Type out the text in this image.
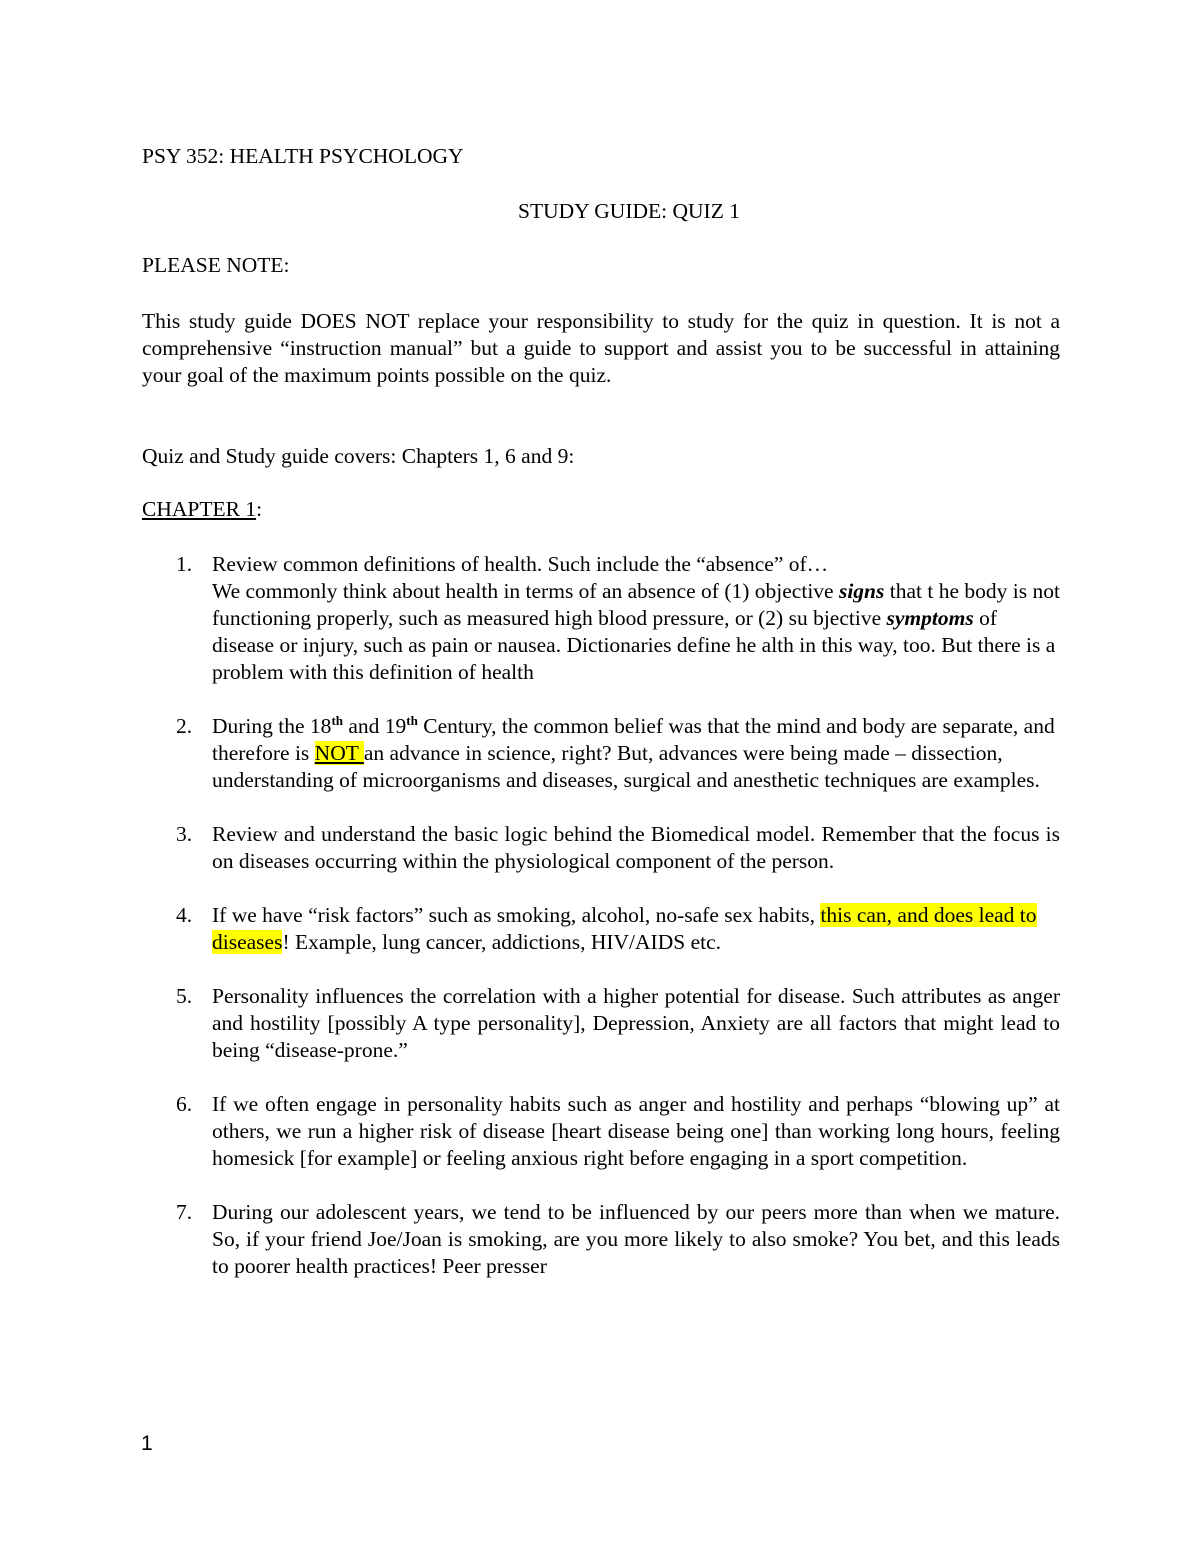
PSY 352: HEALTH PSYCHOLOGY

STUDY GUIDE: QUIZ 1

PLEASE NOTE:

This study guide DOES NOT replace your responsibility to study for the quiz in question. It is not a comprehensive “instruction manual” but a guide to support and assist you to be successful in attaining your goal of the maximum points possible on the quiz.

Quiz and Study guide covers: Chapters 1, 6 and 9:

CHAPTER 1:

1. Review common definitions of health. Such include the “absence” of…
We commonly think about health in terms of an absence of (1) objective signs that t he body is not functioning properly, such as measured high blood pressure, or (2) su bjective symptoms of disease or injury, such as pain or nausea. Dictionaries define he alth in this way, too. But there is a problem with this definition of health
2. During the 18th and 19th Century, the common belief was that the mind and body are separate, and therefore is NOT an advance in science, right? But, advances were being made – dissection, understanding of microorganisms and diseases, surgical and anesthetic techniques are examples.
3. Review and understand the basic logic behind the Biomedical model. Remember that the focus is on diseases occurring within the physiological component of the person.
4. If we have “risk factors” such as smoking, alcohol, no-safe sex habits, this can, and does lead to diseases! Example, lung cancer, addictions, HIV/AIDS etc.
5. Personality influences the correlation with a higher potential for disease. Such attributes as anger and hostility [possibly A type personality], Depression, Anxiety are all factors that might lead to being “disease-prone.”
6. If we often engage in personality habits such as anger and hostility and perhaps “blowing up” at others, we run a higher risk of disease [heart disease being one] than working long hours, feeling homesick [for example] or feeling anxious right before engaging in a sport competition.
7. During our adolescent years, we tend to be influenced by our peers more than when we mature. So, if your friend Joe/Joan is smoking, are you more likely to also smoke? You bet, and this leads to poorer health practices! Peer presser
1
